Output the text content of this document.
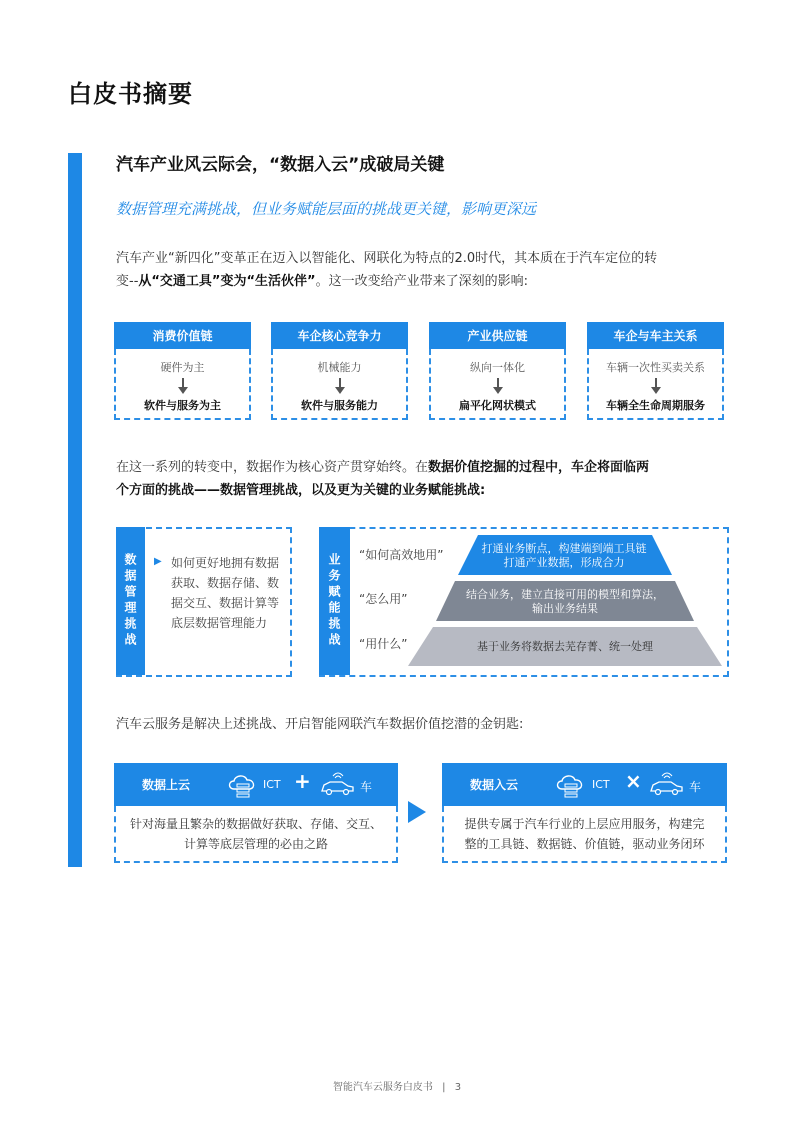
白皮书摘要
汽车产业风云际会，“数据入云”成破局关键
数据管理充满挑战，但业务赋能层面的挑战更关键，影响更深远
汽车产业“新四化”变革正在迈入以智能化、网联化为特点的2.0时代，其本质在于汽车定位的转
变--从“交通工具”变为“生活伙伴”。这一改变给产业带来了深刻的影响:
消费价值链
硬件为主
软件与服务为主
车企核心竞争力
机械能力
软件与服务能力
产业供应链
纵向一体化
扁平化网状模式
车企与车主关系
车辆一次性买卖关系
车辆全生命周期服务
在这一系列的转变中，数据作为核心资产贯穿始终。在数据价值挖掘的过程中，车企将面临两
个方面的挑战——数据管理挑战，以及更为关键的业务赋能挑战:
数据管理挑战	▶ 如何更好地拥有数据获取、数据存储、数据交互、数据计算等底层数据管理能力	业务赋能挑战	“如何高效地用”
“怎么用”
“用什么”
打通业务断点，构建端到端工具链
打通产业数据，形成合力
结合业务，建立直接可用的模型和算法，
输出业务结果
基于业务将数据去芜存菁、统一处理
汽车云服务是解决上述挑战、开启智能网联汽车数据价值挖潜的金钥匙:
数据上云	ICT +	车
针对海量且繁杂的数据做好获取、存储、交互、
计算等底层管理的必由之路
数据入云	ICT ×	车
提供专属于汽车行业的上层应用服务，构建完
整的工具链、数据链、价值链，驱动业务闭环
智能汽车云服务白皮书 | 3
